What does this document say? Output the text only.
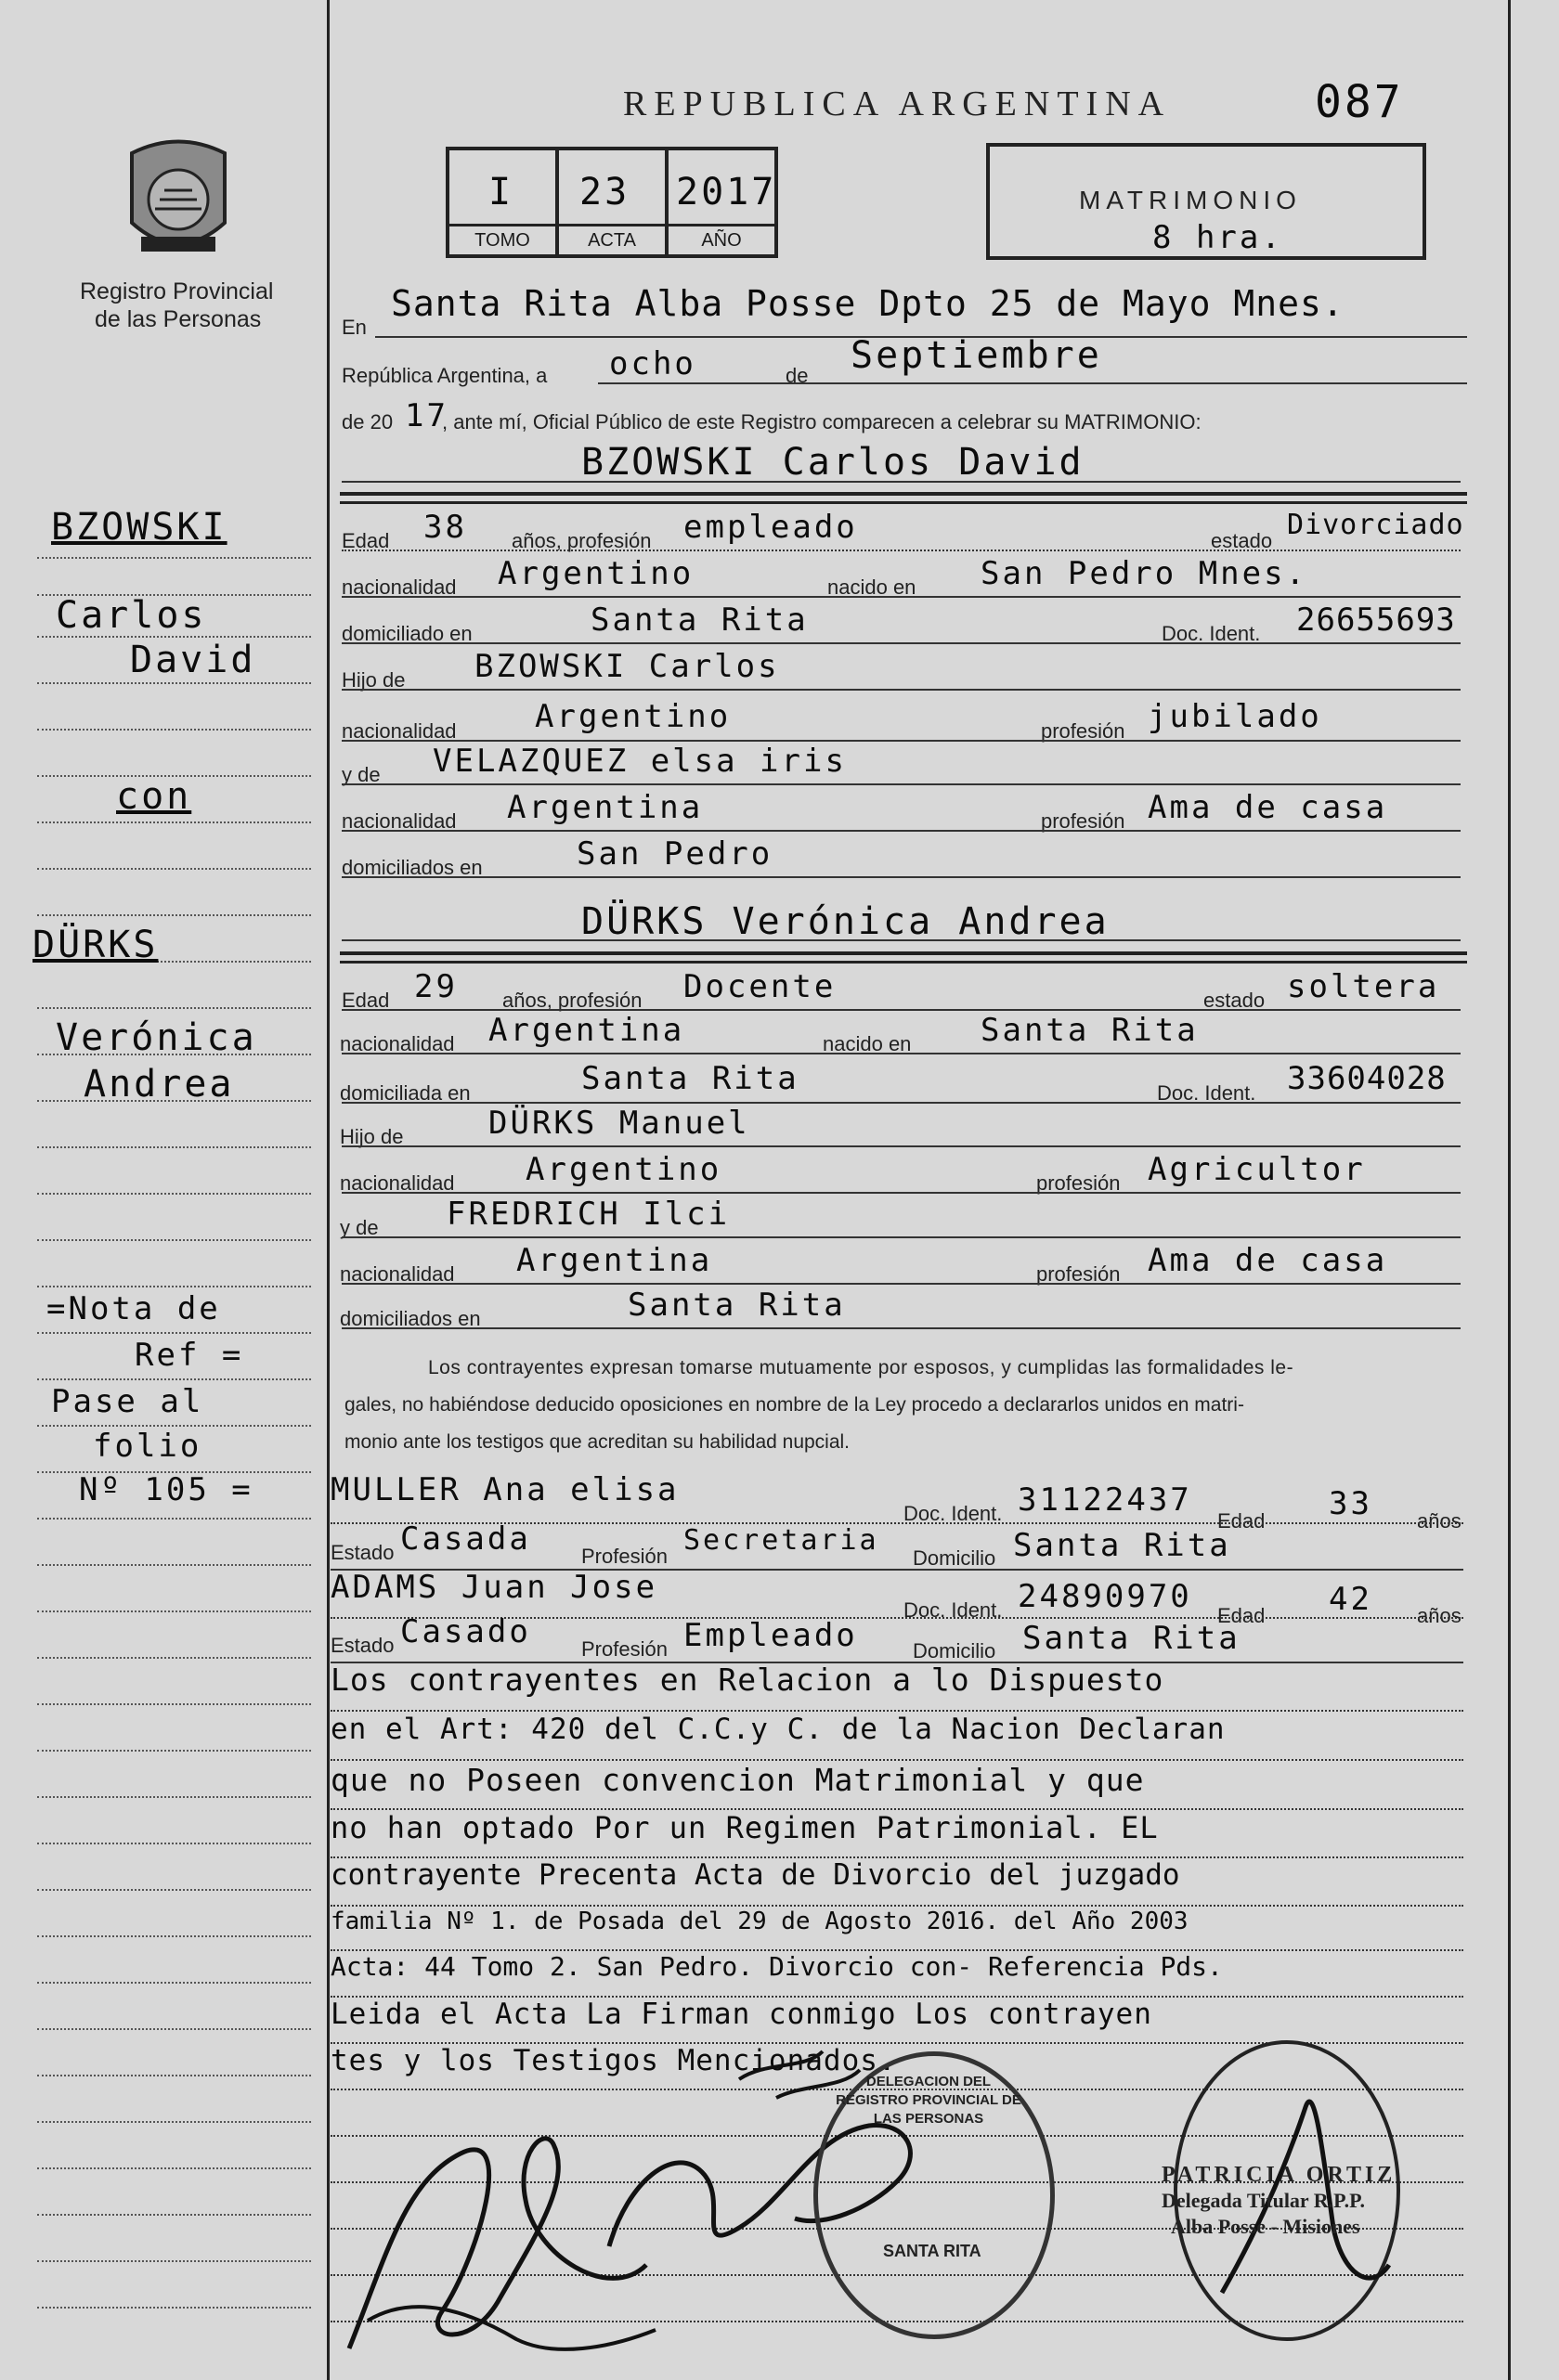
Registro Provincial
de las Personas
BZOWSKI
Carlos
David
con
DÜRKS
Verónica
Andrea
=Nota de
Ref =
Pase al
folio
Nº 105 =
REPUBLICA ARGENTINA	087
I
TOMO
23
ACTA
2017
AÑO
MATRIMONIO
8 hra.
En
Santa Rita Alba Posse Dpto 25 de Mayo Mnes.
República Argentina, a ocho	de Septiembre
de 20 17
, ante mí, Oficial Público de este Registro comparecen a celebrar su MATRIMONIO:
BZOWSKI Carlos David
Edad 38 años, profesión empleado	estado Divorciado
nacionalidad Argentino	nacido en San Pedro Mnes.
domiciliado en	Santa Rita	Doc. Ident. 26655693
Hijo de BZOWSKI Carlos
nacionalidad Argentino	profesión jubilado
y de VELAZQUEZ elsa iris
nacionalidad Argentina	profesión Ama de casa
domiciliados en	San Pedro
DÜRKS Verónica Andrea
Edad 29 años, profesión Docente	estado soltera
nacionalidad Argentina	nacido en Santa Rita
domiciliada en	Santa Rita	Doc. Ident. 33604028
Hijo de	DÜRKS Manuel
nacionalidad Argentino	profesión Agricultor
y de FREDRICH Ilci
nacionalidad Argentina	profesión Ama de casa
domiciliados en	Santa Rita
Los contrayentes expresan tomarse mutuamente por esposos, y cumplidas las formalidades le-
gales, no habiéndose deducido oposiciones en nombre de la Ley procedo a declararlos unidos en matri-
monio ante los testigos que acreditan su habilidad nupcial.
MULLER Ana elisa
Doc. Ident. 31122437
Edad 33 años
Estado Casada Profesión Secretaria
Domicilio Santa Rita
ADAMS Juan Jose
Doc. Ident. 24890970
Edad 42 años
Estado Casado Profesión Empleado	Domicilio Santa Rita
Los contrayentes en Relacion a lo Dispuesto
en el Art: 420 del C.C.y C. de la Nacion Declaran
que no Poseen convencion Matrimonial y que
no han optado Por un Regimen Patrimonial. EL
contrayente Precenta Acta de Divorcio del juzgado
familia Nº 1. de Posada del 29 de Agosto 2016. del Año 2003
Acta: 44 Tomo 2. San Pedro. Divorcio con- Referencia Pds.
Leida el Acta La Firman conmigo Los contrayen
tes y los Testigos Mencionados.
DELEGACION DEL REGISTRO PROVINCIAL DE LAS PERSONAS
SANTA RITA
PATRICIA ORTIZ
Delegada Titular R.P.P.
Alba Posse - Misiones
